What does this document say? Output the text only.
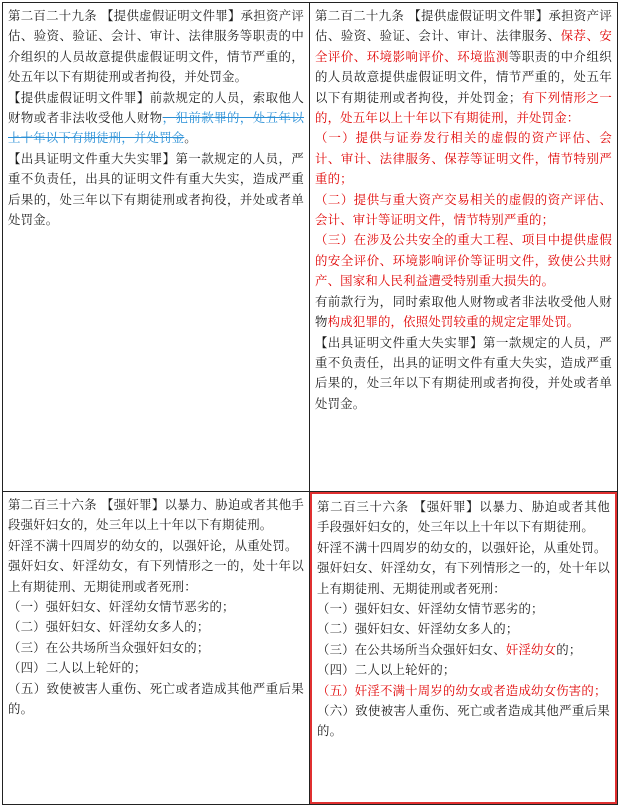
第二百二十九条 【提供虚假证明文件罪】承担资产评估、验资、验证、会计、审计、法律服务等职责的中介组织的人员故意提供虚假证明文件，情节严重的，处五年以下有期徒刑或者拘役，并处罚金。

【提供虚假证明文件罪】前款规定的人员，索取他人财物或者非法收受他人财物，犯前款罪的，处五年以上十年以下有期徒刑，并处罚金。

【出具证明文件重大失实罪】第一款规定的人员，严重不负责任，出具的证明文件有重大失实，造成严重后果的，处三年以下有期徒刑或者拘役，并处或者单处罚金。

第二百二十九条 【提供虚假证明文件罪】承担资产评估、验资、验证、会计、审计、法律服务、保荐、安全评价、环境影响评价、环境监测等职责的中介组织的人员故意提供虚假证明文件，情节严重的，处五年以下有期徒刑或者拘役，并处罚金；有下列情形之一的，处五年以上十年以下有期徒刑，并处罚金：

（一）提供与证券发行相关的虚假的资产评估、会计、审计、法律服务、保荐等证明文件，情节特别严重的；

（二）提供与重大资产交易相关的虚假的资产评估、会计、审计等证明文件，情节特别严重的；

（三）在涉及公共安全的重大工程、项目中提供虚假的安全评价、环境影响评价等证明文件，致使公共财产、国家和人民利益遭受特别重大损失的。

有前款行为，同时索取他人财物或者非法收受他人财物构成犯罪的，依照处罚较重的规定定罪处罚。

【出具证明文件重大失实罪】第一款规定的人员，严重不负责任，出具的证明文件有重大失实，造成严重后果的，处三年以下有期徒刑或者拘役，并处或者单处罚金。

第二百三十六条 【强奸罪】以暴力、胁迫或者其他手段强奸妇女的，处三年以上十年以下有期徒刑。

奸淫不满十四周岁的幼女的，以强奸论，从重处罚。

强奸妇女、奸淫幼女，有下列情形之一的，处十年以上有期徒刑、无期徒刑或者死刑：

（一）强奸妇女、奸淫幼女情节恶劣的；

（二）强奸妇女、奸淫幼女多人的；

（三）在公共场所当众强奸妇女的；

（四）二人以上轮奸的；

（五）致使被害人重伤、死亡或者造成其他严重后果的。

第二百三十六条 【强奸罪】以暴力、胁迫或者其他手段强奸妇女的，处三年以上十年以下有期徒刑。

奸淫不满十四周岁的幼女的，以强奸论，从重处罚。

强奸妇女、奸淫幼女，有下列情形之一的，处十年以上有期徒刑、无期徒刑或者死刑：

（一）强奸妇女、奸淫幼女情节恶劣的；

（二）强奸妇女、奸淫幼女多人的；

（三）在公共场所当众强奸妇女、奸淫幼女的；

（四）二人以上轮奸的；

（五）奸淫不满十周岁的幼女或者造成幼女伤害的；

（六）致使被害人重伤、死亡或者造成其他严重后果的。
